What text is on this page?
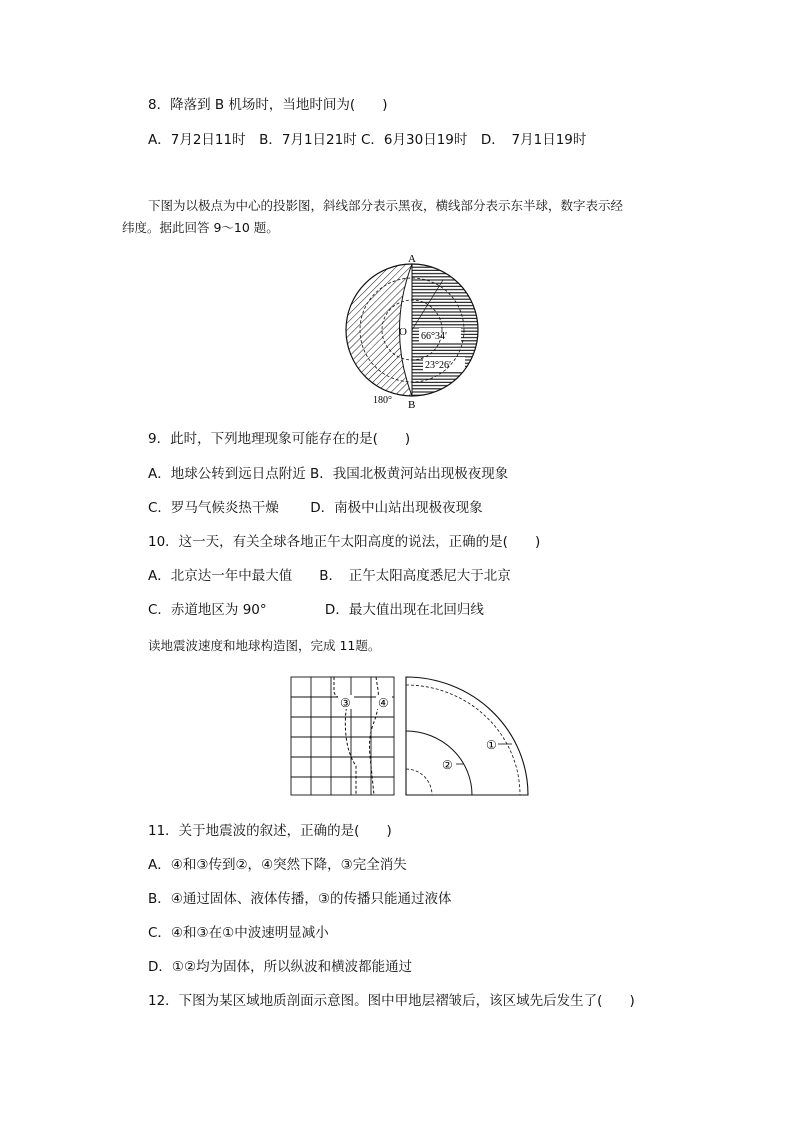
8．降落到 B 机场时，当地时间为(　　)
A．7月2日11时　B．7月1日21时 C．6月30日19时　D．　7月1日19时
下图为以极点为中心的投影图，斜线部分表示黑夜，横线部分表示东半球，数字表示经
纬度。据此回答 9～10 题。
A
B
O 66°34′
23°26′
180°
9．此时，下列地理现象可能存在的是(　　)
A．地球公转到远日点附近 B．我国北极黄河站出现极夜现象
C．罗马气候炎热干燥　　 D．南极中山站出现极夜现象
10．这一天，有关全球各地正午太阳高度的说法，正确的是(　　)
A．北京达一年中最大值　　B．　正午太阳高度悉尼大于北京
C．赤道地区为 90°　　　　 D．最大值出现在北回归线
读地震波速度和地球构造图，完成 11题。
③ ④
①
②
11．关于地震波的叙述，正确的是(　　)
A．④和③传到②，④突然下降，③完全消失
B．④通过固体、液体传播，③的传播只能通过液体
C．④和③在①中波速明显减小
D．①②均为固体，所以纵波和横波都能通过
12．下图为某区域地质剖面示意图。图中甲地层褶皱后，该区域先后发生了(　　)
